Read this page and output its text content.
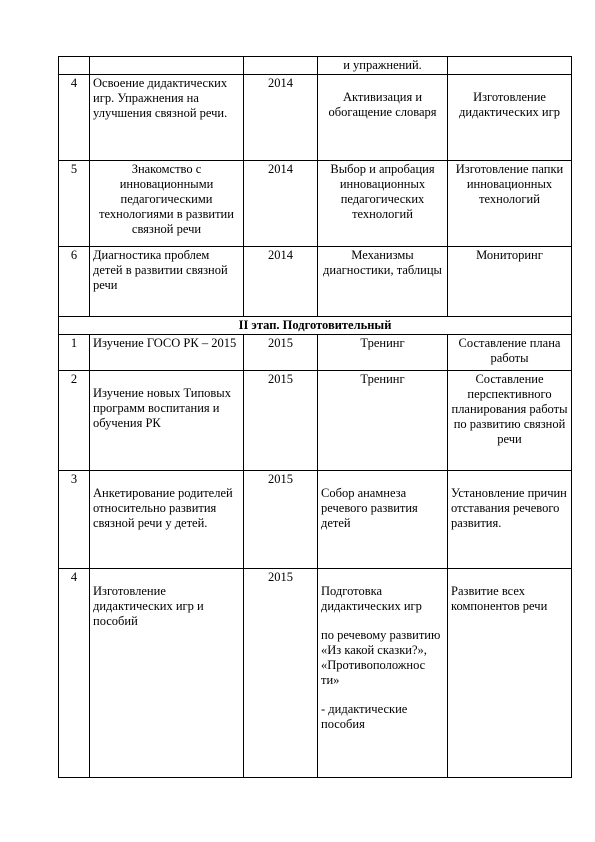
			и упражнений.	
4	Освоение дидактических игр. Упражнения на улучшения связной речи.	2014	Активизация и обогащение словаря	Изготовление дидактических игр
5	Знакомство с инновационными педагогическими технологиями в развитии связной речи	2014	Выбор и апробация инновационных педагогических технологий	Изготовление папки инновационных технологий
6	Диагностика проблем детей в развитии связной речи	2014	Механизмы диагностики, таблицы	Мониторинг
II этап. Подготовительный				
1	Изучение ГОСО РК – 2015	2015	Тренинг	Составление плана работы
2	Изучение новых Типовых программ воспитания и обучения РК	2015	Тренинг	Составление перспективного планирования работы по развитию связной речи
3	Анкетирование родителей относительно развития связной речи у детей.	2015	Собор анамнеза речевого развития детей	Установление причин отставания речевого развития.
4	Изготовление дидактических игр и пособий	2015	Подготовка дидактических игр

по речевому развитию «Из какой сказки?», «Противоположнос ти»

- дидактические пособия	Развитие всех компонентов речи
